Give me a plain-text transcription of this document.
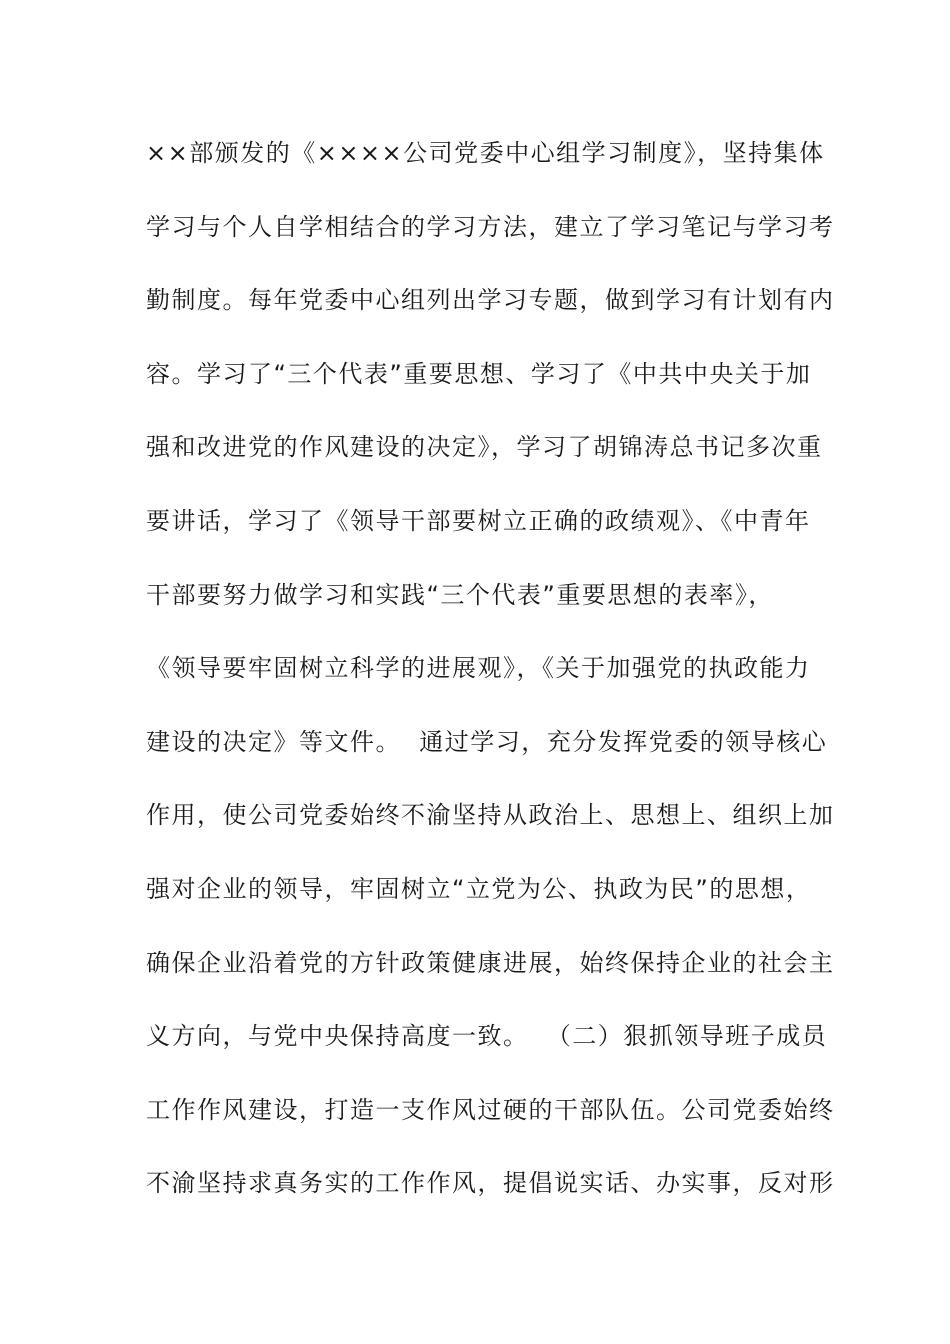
××部颁发的《××××公司党委中心组学习制度》，坚持集体
学习与个人自学相结合的学习方法，建立了学习笔记与学习考
勤制度。每年党委中心组列出学习专题，做到学习有计划有内
容。学习了“三个代表”重要思想、学习了《中共中央关于加
强和改进党的作风建设的决定》，学习了胡锦涛总书记多次重
要讲话，学习了《领导干部要树立正确的政绩观》、《中青年
干部要努力做学习和实践“三个代表”重要思想的表率》，
《领导要牢固树立科学的进展观》，《关于加强党的执政能力
建设的决定》等文件。  通过学习，充分发挥党委的领导核心
作用，使公司党委始终不渝坚持从政治上、思想上、组织上加
强对企业的领导，牢固树立“立党为公、执政为民”的思想，
确保企业沿着党的方针政策健康进展，始终保持企业的社会主
义方向，与党中央保持高度一致。  （二）狠抓领导班子成员
工作作风建设，打造一支作风过硬的干部队伍。公司党委始终
不渝坚持求真务实的工作作风，提倡说实话、办实事，反对形
